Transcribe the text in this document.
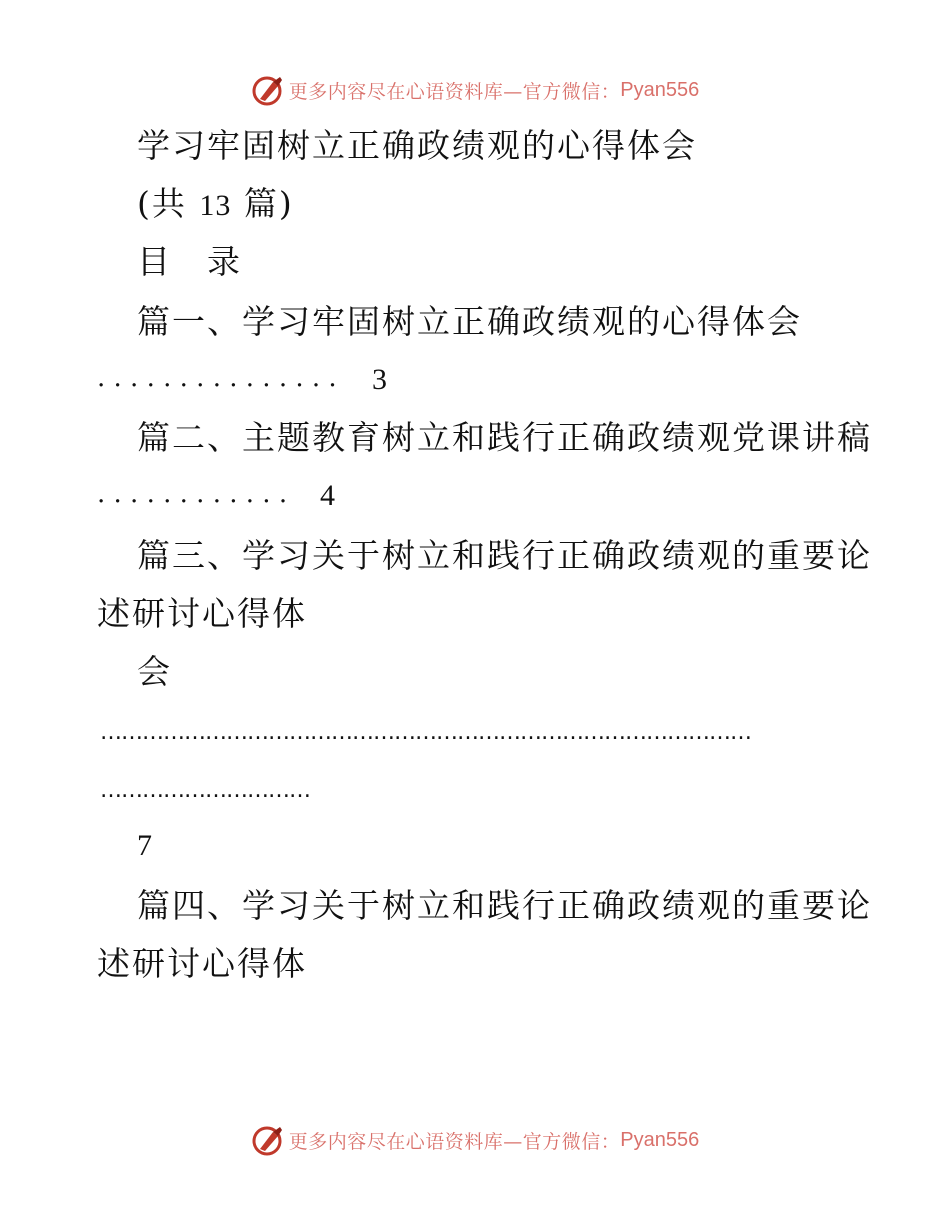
更多内容尽在心语资料库—官方微信： Pyan556
学习牢固树立正确政绩观的心得体会
(共 13 篇)
目　录
篇一、学习牢固树立正确政绩观的心得体会
. . . . . . . . . . . . . . . 3
篇二、主题教育树立和践行正确政绩观党课讲稿
. . . . . . . . . . . . 4
篇三、学习关于树立和践行正确政绩观的重要论
述研讨心得体
会
…………………………………………………………………………………
…………………………
7
篇四、学习关于树立和践行正确政绩观的重要论
述研讨心得体
更多内容尽在心语资料库—官方微信： Pyan556
